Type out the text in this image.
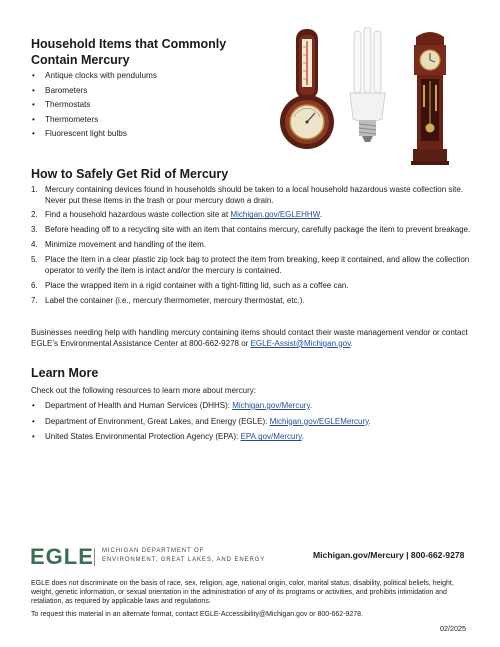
Household Items that Commonly
Contain Mercury
• Antique clocks with pendulums
• Barometers
• Thermostats
• Thermometers
• Fluorescent light bulbs
How to Safely Get Rid of Mercury
1. Mercury containing devices found in households should be taken to a local household hazardous waste collection site. Never put these items in the trash or pour mercury down a drain.
2. Find a household hazardous waste collection site at Michigan.gov/EGLEHHW.
3. Before heading off to a recycling site with an item that contains mercury, carefully package the item to prevent breakage.
4. Minimize movement and handling of the item.
5. Place the item in a clear plastic zip lock bag to protect the item from breaking, keep it contained, and allow the collection operator to verify the item is intact and/or the mercury is contained.
6. Place the wrapped item in a rigid container with a tight-fitting lid, such as a coffee can.
7. Label the container (i.e., mercury thermometer, mercury thermostat, etc.).

Businesses needing help with handling mercury containing items should contact their waste management vendor or contact EGLE’s Environmental Assistance Center at 800-662-9278 or EGLE-Assist@Michigan.gov.

Learn More

Check out the following resources to learn more about mercury:

• Department of Health and Human Services (DHHS): Michigan.gov/Mercury.
• Department of Environment, Great Lakes, and Energy (EGLE): Michigan.gov/EGLEMercury.
• United States Environmental Protection Agency (EPA): EPA.gov/Mercury.
EGLE MICHIGAN DEPARTMENT OF
ENVIRONMENT, GREAT LAKES, AND ENERGY	Michigan.gov/Mercury | 800-662-9278

EGLE does not discriminate on the basis of race, sex, religion, age, national origin, color, marital status, disability, political beliefs, height, weight, genetic information, or sexual orientation in the administration of any of its programs or activities, and prohibits intimidation and retaliation, as required by applicable laws and regulations.

To request this material in an alternate format, contact EGLE-Accessibility@Michigan.gov or 800-662-9278.

02/2025
